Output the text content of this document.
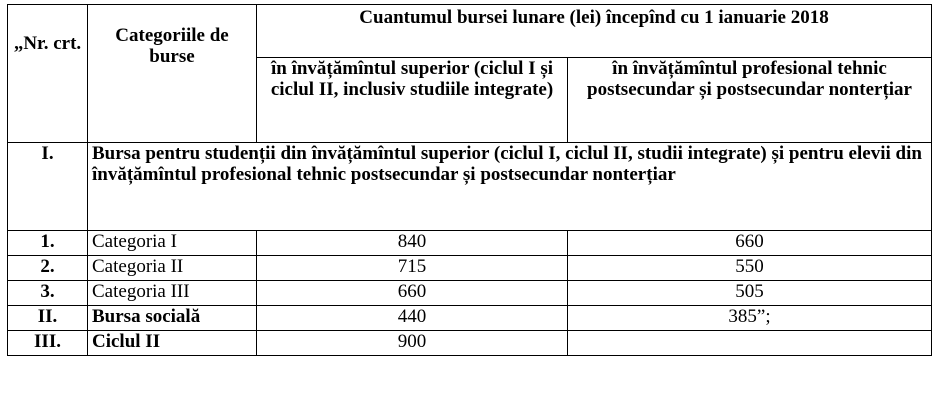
„Nr. crt.	Categoriile de burse	Cuantumul bursei lunare (lei) începînd cu 1 ianuarie 2018	
		în învățămîntul superior (ciclul I și ciclul II, inclusiv studiile integrate)	în învățămîntul profesional tehnic postsecundar și postsecundar nonterțiar
I.	Bursa pentru studenții din învățămîntul superior (ciclul I, ciclul II, studii integrate) și pentru elevii din învățămîntul profesional tehnic postsecundar și postsecundar nonterțiar		
1.	Categoria I	840	660
2.	Categoria II	715	550
3.	Categoria III	660	505
II.	Bursa socială	440	385”;
III.	Ciclul II	900	
